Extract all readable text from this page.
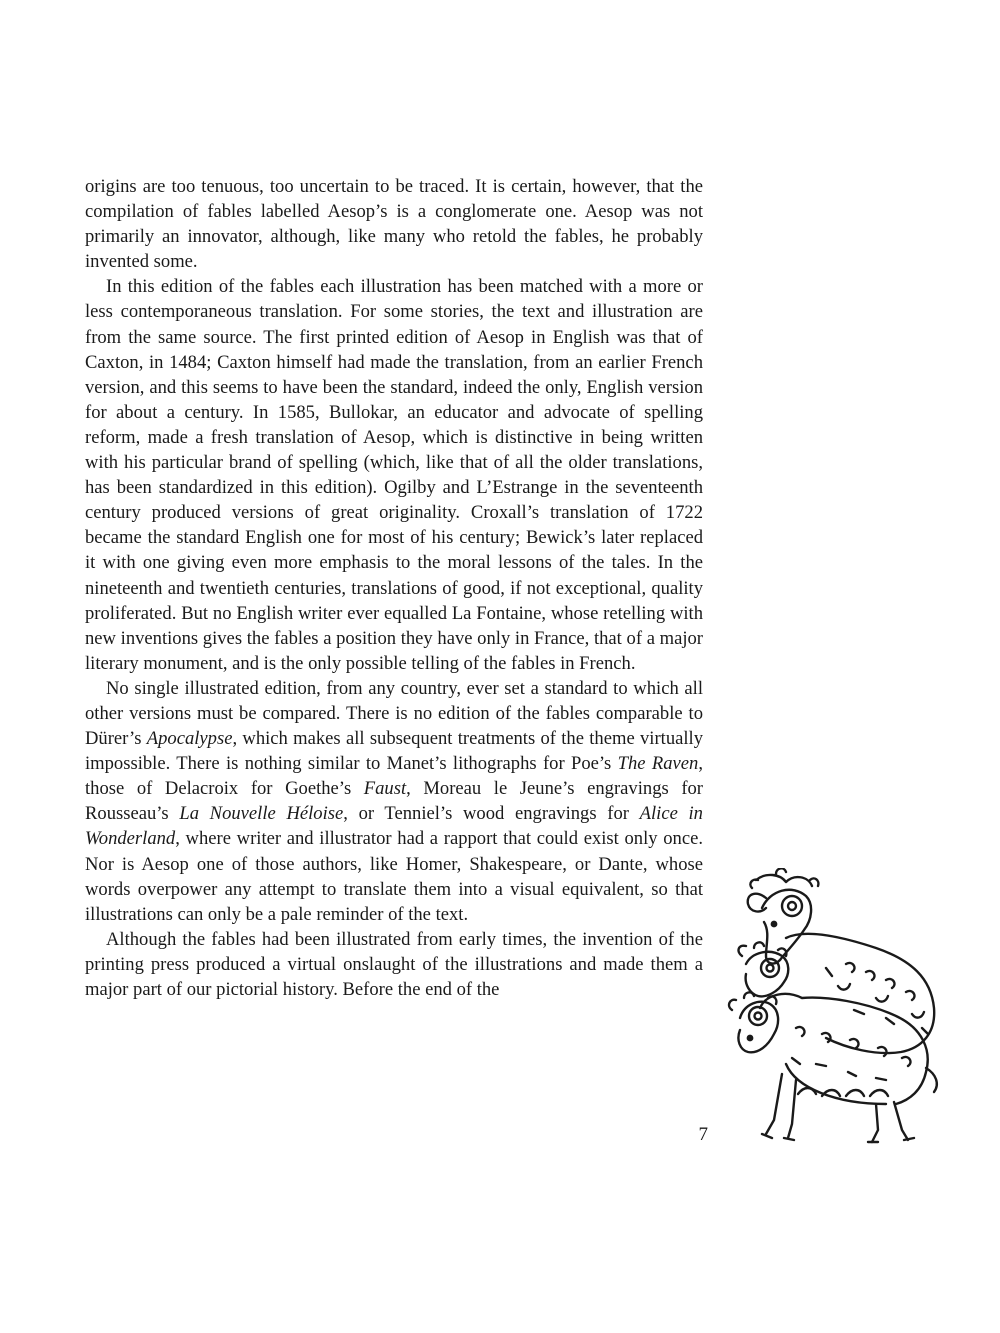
origins are too tenuous, too uncertain to be traced. It is certain, however, that the compilation of fables labelled Aesop’s is a conglomerate one. Aesop was not primarily an innovator, although, like many who retold the fables, he probably invented some.

In this edition of the fables each illustration has been matched with a more or less contemporaneous translation. For some stories, the text and illustration are from the same source. The first printed edition of Aesop in English was that of Caxton, in 1484; Caxton himself had made the translation, from an earlier French version, and this seems to have been the standard, indeed the only, English version for about a century. In 1585, Bullokar, an educator and advocate of spelling reform, made a fresh translation of Aesop, which is distinctive in being written with his particular brand of spelling (which, like that of all the older translations, has been standardized in this edition). Ogilby and L’Estrange in the seventeenth century produced versions of great originality. Croxall’s translation of 1722 became the standard English one for most of his century; Bewick’s later replaced it with one giving even more emphasis to the moral lessons of the tales. In the nineteenth and twentieth centuries, translations of good, if not exceptional, quality proliferated. But no English writer ever equalled La Fontaine, whose retelling with new inventions gives the fables a position they have only in France, that of a major literary monument, and is the only possible telling of the fables in French.

No single illustrated edition, from any country, ever set a standard to which all other versions must be compared. There is no edition of the fables comparable to Dürer’s Apocalypse, which makes all subsequent treatments of the theme virtually impossible. There is nothing similar to Manet’s lithographs for Poe’s The Raven, those of Delacroix for Goethe’s Faust, Moreau le Jeune’s engravings for Rousseau’s La Nouvelle Héloise, or Tenniel’s wood engravings for Alice in Wonderland, where writer and illustrator had a rapport that could exist only once. Nor is Aesop one of those authors, like Homer, Shakespeare, or Dante, whose words overpower any attempt to translate them into a visual equivalent, so that illustrations can only be a pale reminder of the text.

Although the fables had been illustrated from early times, the invention of the printing press produced a virtual onslaught of the illustrations and made them a major part of our pictorial history. Before the end of the

7
